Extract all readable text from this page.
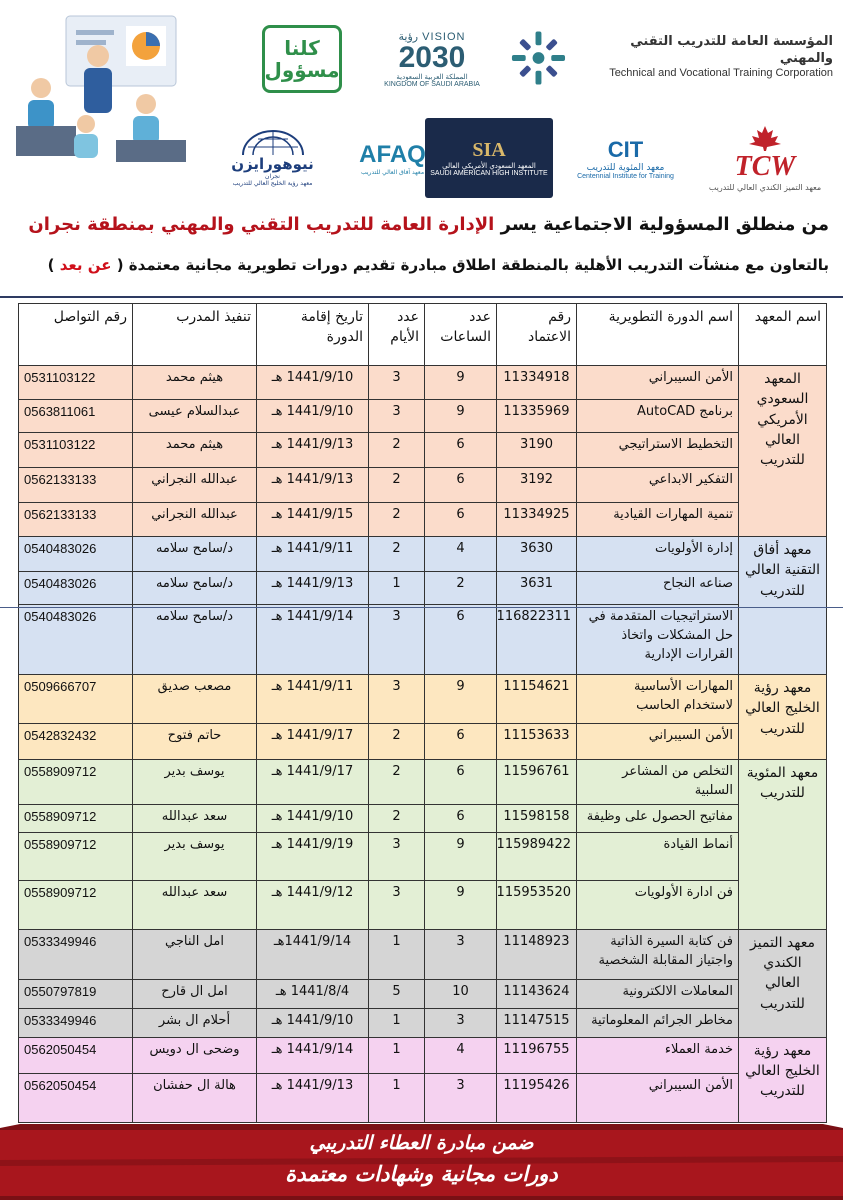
المؤسسة العامة للتدريب التقني والمهني
Technical and Vocational Training Corporation
VISION رؤية
2030
المملكة العربية السعودية
KINGDOM OF SAUDI ARABIA
كلنا
مسؤول
TCW
معهد التميز الكندي العالي للتدريب
CIT
معهد المئوية للتدريب
Centennial Institute for Training
SIA
المعهد السعودي الأمريكي العالي
SAUDI AMERICAN HIGH INSTITUTE
AFAQ
معهد آفاق العالي للتدريب
نيوهورايزن
نجران
معهد رؤية الخليج العالي للتدريب
من منطلق المسؤولية الاجتماعية يسر الإدارة العامة للتدريب التقني والمهني بمنطقة نجران
بالتعاون مع منشآت التدريب الأهلية بالمنطقة اطلاق مبادرة تقديم دورات تطويرية مجانية معتمدة ( عن بعد )
اسم المعهد	اسم الدورة التطويرية	رقم الاعتماد	عدد الساعات	عدد الأيام	تاريخ إقامة الدورة	تنفيذ المدرب	رقم التواصل
المعهد السعودي الأمريكي العالي للتدريب	الأمن السيبراني	11334918	9	3	1441/9/10 هـ	هيثم محمد	0531103122
	برنامج AutoCAD	11335969	9	3	1441/9/10 هـ	عبدالسلام عيسى	0563811061
	التخطيط الاستراتيجي	3190	6	2	1441/9/13 هـ	هيثم محمد	0531103122
	التفكير الابداعي	3192	6	2	1441/9/13 هـ	عبدالله النجراني	0562133133
	تنمية المهارات القيادية	11334925	6	2	1441/9/15 هـ	عبدالله النجراني	0562133133
معهد أفاق التقنية العالي للتدريب	إدارة الأولويات	3630	4	2	1441/9/11 هـ	د/سامح سلامه	0540483026
	صناعه النجاح	3631	2	1	1441/9/13 هـ	د/سامح سلامه	0540483026
	الاستراتيجيات المتقدمة في حل المشكلات واتخاذ القرارات الإدارية	116822311	6	3	1441/9/14 هـ	د/سامح سلامه	0540483026
معهد رؤية الخليج العالي للتدريب	المهارات الأساسية لاستخدام الحاسب	11154621	9	3	1441/9/11 هـ	مصعب صديق	0509666707
	الأمن السيبراني	11153633	6	2	1441/9/17 هـ	حاتم فتوح	0542832432
معهد المئوية للتدريب	التخلص من المشاعر السلبية	11596761	6	2	1441/9/17 هـ	يوسف بدير	0558909712
	مفاتيح الحصول على وظيفة	11598158	6	2	1441/9/10 هـ	سعد عبدالله	0558909712
	أنماط القيادة	115989422	9	3	1441/9/19 هـ	يوسف بدير	0558909712
	فن ادارة الأولويات	115953520	9	3	1441/9/12 هـ	سعد عبدالله	0558909712
معهد التميز الكندي العالي للتدريب	فن كتابة السيرة الذاتية واجتياز المقابلة الشخصية	11148923	3	1	1441/9/14هـ	امل الناجي	0533349946
	المعاملات الالكترونية	11143624	10	5	1441/8/4 هـ	امل ال قارح	0550797819
	مخاطر الجرائم المعلوماتية	11147515	3	1	1441/9/10 هـ	أحلام ال بشر	0533349946
معهد رؤية الخليج العالي للتدريب	خدمة العملاء	11196755	4	1	1441/9/14 هـ	وضحى ال دويس	0562050454
	الأمن السيبراني	11195426	3	1	1441/9/13 هـ	هالة ال حفشان	0562050454
ضمن مبادرة العطاء التدريبي
دورات مجانية وشهادات معتمدة
